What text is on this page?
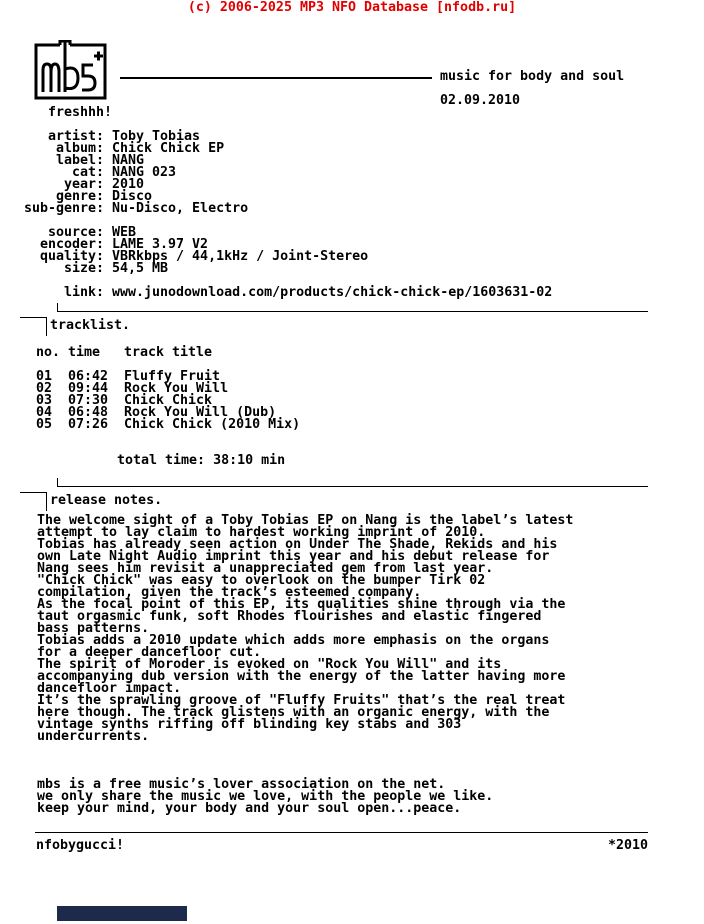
(c) 2006-2025 MP3 NFO Database [nfodb.ru]
music for body and soul
02.09.2010
freshhh!
artist : Toby Tobias
album : Chick Chick EP
label : NANG
cat : NANG 023
year : 2010
genre : Disco
sub-genre : Nu-Disco, Electro
source : WEB
encoder : LAME 3.97 V2
quality : VBRkbps / 44,1kHz / Joint-Stereo
size : 54,5 MB
link : www.junodownload.com/products/chick-chick-ep/1603631-02
tracklist.
no. time track title
01 06:42 Fluffy Fruit
02 09:44 Rock You Will
03 07:30 Chick Chick
04 06:48 Rock You Will (Dub)
05 07:26 Chick Chick (2010 Mix)
total time: 38:10 min
release notes.
The welcome sight of a Toby Tobias EP on Nang is the label’s latest
attempt to lay claim to hardest working imprint of 2010.
Tobias has already seen action on Under The Shade, Rekids and his
own Late Night Audio imprint this year and his debut release for
Nang sees him revisit a unappreciated gem from last year.
"Chick Chick" was easy to overlook on the bumper Tirk 02
compilation, given the track’s esteemed company.
As the focal point of this EP, its qualities shine through via the
taut orgasmic funk, soft Rhodes flourishes and elastic fingered
bass patterns.
Tobias adds a 2010 update which adds more emphasis on the organs
for a deeper dancefloor cut.
The spirit of Moroder is evoked on "Rock You Will" and its
accompanying dub version with the energy of the latter having more
dancefloor impact.
It’s the sprawling groove of "Fluffy Fruits" that’s the real treat
here though. The track glistens with an organic energy, with the
vintage synths riffing off blinding key stabs and 303
undercurrents.
mbs is a free music’s lover association on the net.
we only share the music we love, with the people we like.
keep your mind, your body and your soul open...peace.
nfobygucci!	*2010
